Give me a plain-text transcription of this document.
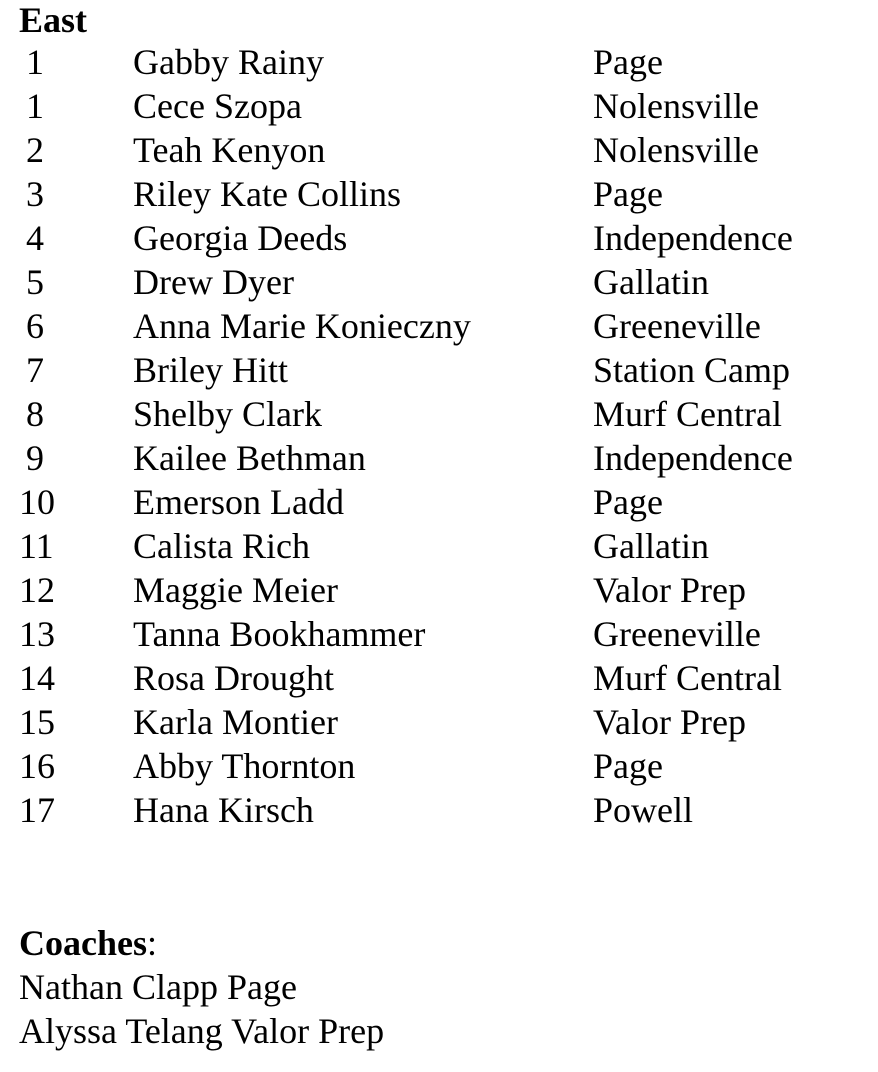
East
1	Gabby Rainy	Page
1	Cece Szopa	Nolensville
2	Teah Kenyon	Nolensville
3	Riley Kate Collins	Page
4	Georgia Deeds	Independence
5	Drew Dyer	Gallatin
6	Anna Marie Konieczny	Greeneville
7	Briley Hitt	Station Camp
8	Shelby Clark	Murf Central
9	Kailee Bethman	Independence
10	Emerson Ladd	Page
11	Calista Rich	Gallatin
12	Maggie Meier	Valor Prep
13	Tanna Bookhammer	Greeneville
14	Rosa Drought	Murf Central
15	Karla Montier	Valor Prep
16	Abby Thornton	Page
17	Hana Kirsch	Powell
Coaches:
Nathan Clapp Page
Alyssa Telang Valor Prep
